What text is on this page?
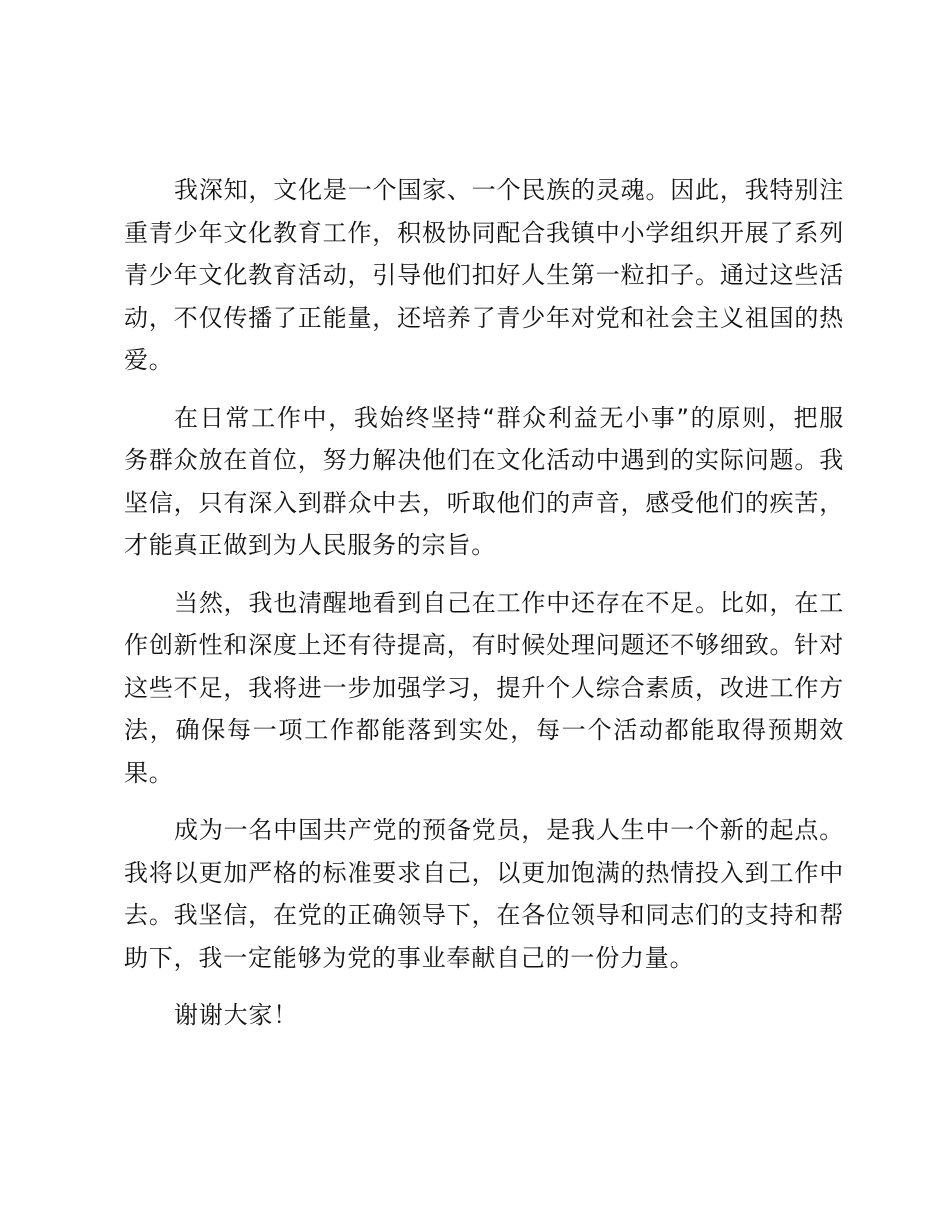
我深知，文化是一个国家、一个民族的灵魂。因此，我特别注重青少年文化教育工作，积极协同配合我镇中小学组织开展了系列青少年文化教育活动，引导他们扣好人生第一粒扣子。通过这些活动，不仅传播了正能量，还培养了青少年对党和社会主义祖国的热爱。

在日常工作中，我始终坚持“群众利益无小事”的原则，把服务群众放在首位，努力解决他们在文化活动中遇到的实际问题。我坚信，只有深入到群众中去，听取他们的声音，感受他们的疾苦，才能真正做到为人民服务的宗旨。

当然，我也清醒地看到自己在工作中还存在不足。比如，在工作创新性和深度上还有待提高，有时候处理问题还不够细致。针对这些不足，我将进一步加强学习，提升个人综合素质，改进工作方法，确保每一项工作都能落到实处，每一个活动都能取得预期效果。

成为一名中国共产党的预备党员，是我人生中一个新的起点。我将以更加严格的标准要求自己，以更加饱满的热情投入到工作中去。我坚信，在党的正确领导下，在各位领导和同志们的支持和帮助下，我一定能够为党的事业奉献自己的一份力量。

谢谢大家！
